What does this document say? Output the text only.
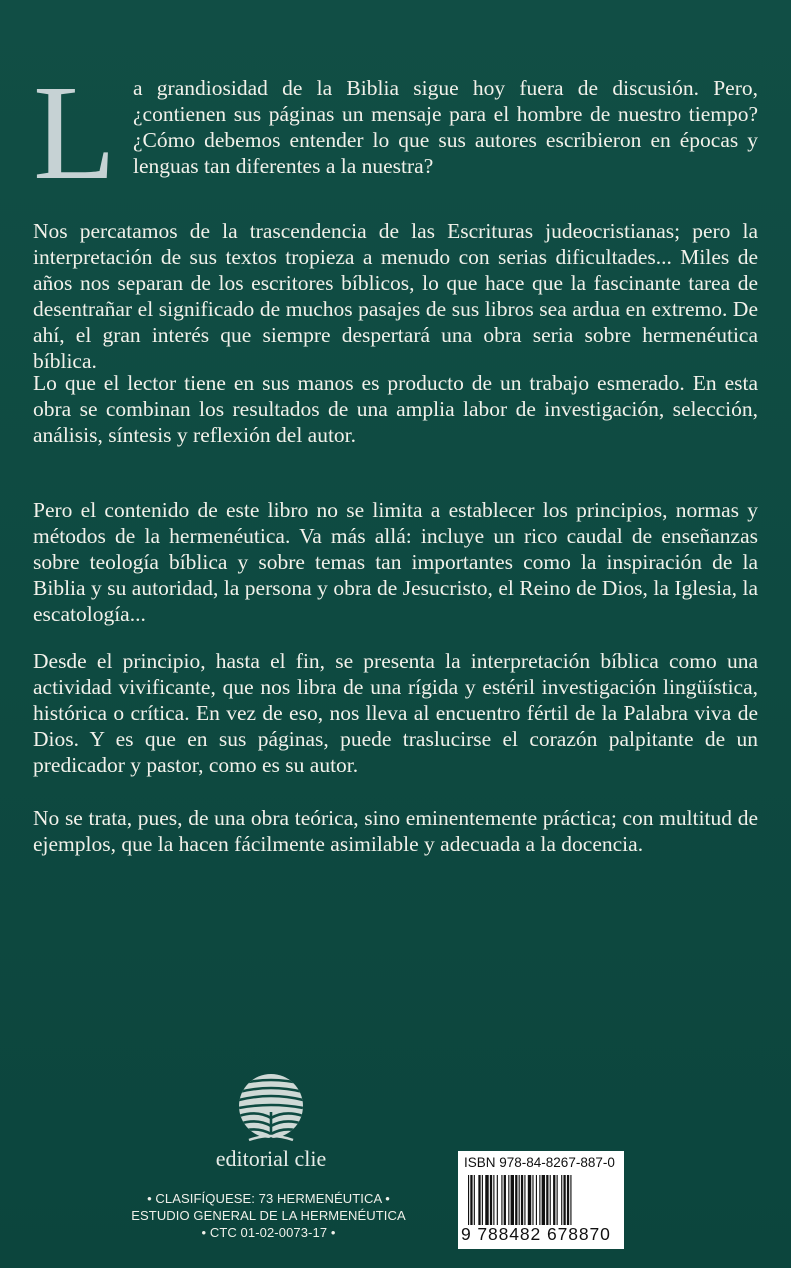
L a grandiosidad de la Biblia sigue hoy fuera de discusión. Pero, ¿contienen sus páginas un mensaje para el hombre de nuestro tiempo? ¿Cómo debemos entender lo que sus autores escribieron en épocas y lenguas tan diferentes a la nuestra?
Nos percatamos de la trascendencia de las Escrituras judeocristianas; pero la interpretación de sus textos tropieza a menudo con serias dificultades... Miles de años nos separan de los escritores bíblicos, lo que hace que la fascinante tarea de desentrañar el significado de muchos pasajes de sus libros sea ardua en extremo. De ahí, el gran interés que siempre despertará una obra seria sobre hermenéutica bíblica.
Lo que el lector tiene en sus manos es producto de un trabajo esmerado. En esta obra se combinan los resultados de una amplia labor de investigación, selección, análisis, síntesis y reflexión del autor.
Pero el contenido de este libro no se limita a establecer los principios, normas y métodos de la hermenéutica. Va más allá: incluye un rico caudal de enseñanzas sobre teología bíblica y sobre temas tan importantes como la inspiración de la Biblia y su autoridad, la persona y obra de Jesucristo, el Reino de Dios, la Iglesia, la escatología...
Desde el principio, hasta el fin, se presenta la interpretación bíblica como una actividad vivificante, que nos libra de una rígida y estéril investigación lingüística, histórica o crítica. En vez de eso, nos lleva al encuentro fértil de la Palabra viva de Dios. Y es que en sus páginas, puede traslucirse el corazón palpitante de un predicador y pastor, como es su autor.
No se trata, pues, de una obra teórica, sino eminentemente práctica; con multitud de ejemplos, que la hacen fácilmente asimilable y adecuada a la docencia.
editorial clie
• CLASIFÍQUESE: 73 HERMENÉUTICA •
ESTUDIO GENERAL DE LA HERMENÉUTICA
• CTC 01-02-0073-17 •
ISBN 978-84-8267-887-0
9 788482 678870
